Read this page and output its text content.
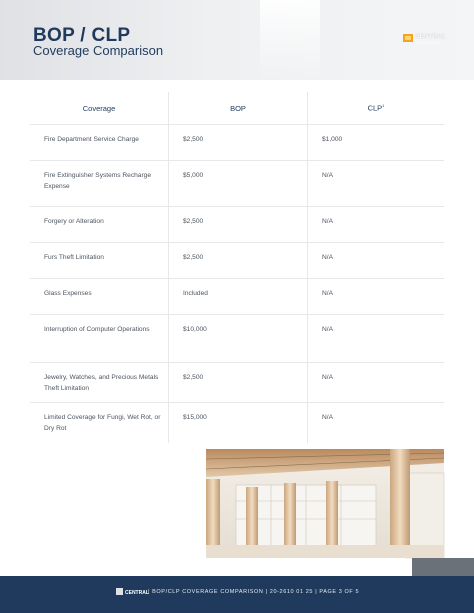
BOP / CLP
Coverage Comparison
CENTRAL
INSURANCE
Coverage	BOP	CLP$^1$
Fire Department Service Charge	$2,500	$1,000
Fire Extinguisher Systems Recharge Expense	$5,000	N/A
Forgery or Alteration	$2,500	N/A
Furs Theft Limitation	$2,500	N/A
Glass Expenses	Included	N/A
Interruption of Computer Operations	$10,000	N/A
Jewelry, Watches, and Precious Metals Theft Limitation	$2,500	N/A
Limited Coverage for Fungi, Wet Rot, or Dry Rot	$15,000	N/A
CENTRAL | BOP/CLP COVERAGE COMPARISON | 20-2610 01 25 | PAGE 3 OF 5
